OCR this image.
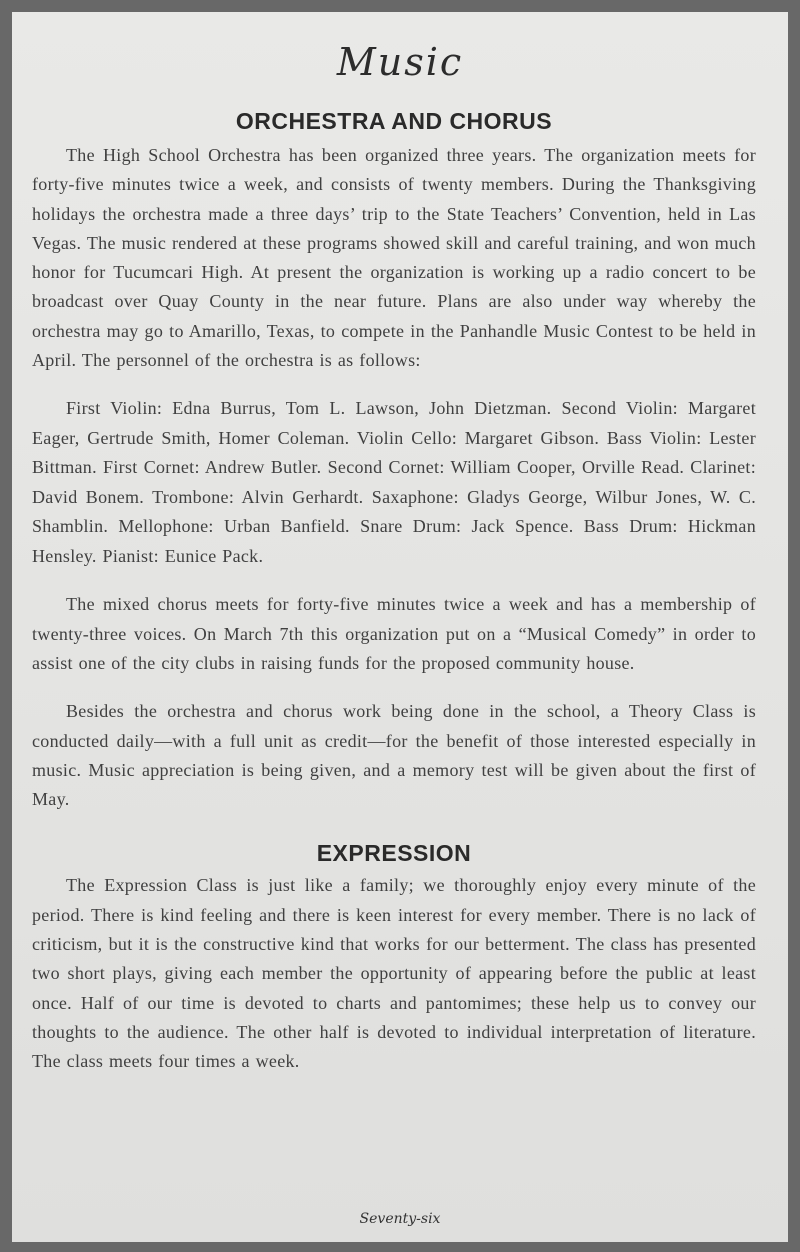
Music
ORCHESTRA AND CHORUS

The High School Orchestra has been organized three years. The organization meets for forty-five minutes twice a week, and consists of twenty members. During the Thanksgiving holidays the orchestra made a three days’ trip to the State Teachers’ Convention, held in Las Vegas. The music rendered at these programs showed skill and careful training, and won much honor for Tucumcari High. At present the organization is working up a radio concert to be broadcast over Quay County in the near future. Plans are also under way whereby the orchestra may go to Amarillo, Texas, to compete in the Panhandle Music Contest to be held in April. The personnel of the orchestra is as follows:

First Violin: Edna Burrus, Tom L. Lawson, John Dietzman. Second Violin: Margaret Eager, Gertrude Smith, Homer Coleman. Violin Cello: Margaret Gibson. Bass Violin: Lester Bittman. First Cornet: Andrew Butler. Second Cornet: William Cooper, Orville Read. Clarinet: David Bonem. Trombone: Alvin Gerhardt. Saxaphone: Gladys George, Wilbur Jones, W. C. Shamblin. Mellophone: Urban Banfield. Snare Drum: Jack Spence. Bass Drum: Hickman Hensley. Pianist: Eunice Pack.

The mixed chorus meets for forty-five minutes twice a week and has a membership of twenty-three voices. On March 7th this organization put on a “Musical Comedy” in order to assist one of the city clubs in raising funds for the proposed community house.

Besides the orchestra and chorus work being done in the school, a Theory Class is conducted daily—with a full unit as credit—for the benefit of those interested especially in music. Music appreciation is being given, and a memory test will be given about the first of May.

EXPRESSION

The Expression Class is just like a family; we thoroughly enjoy every minute of the period. There is kind feeling and there is keen interest for every member. There is no lack of criticism, but it is the constructive kind that works for our betterment. The class has presented two short plays, giving each member the opportunity of appearing before the public at least once. Half of our time is devoted to charts and pantomimes; these help us to convey our thoughts to the audience. The other half is devoted to individual interpretation of literature. The class meets four times a week.

Seventy-six
